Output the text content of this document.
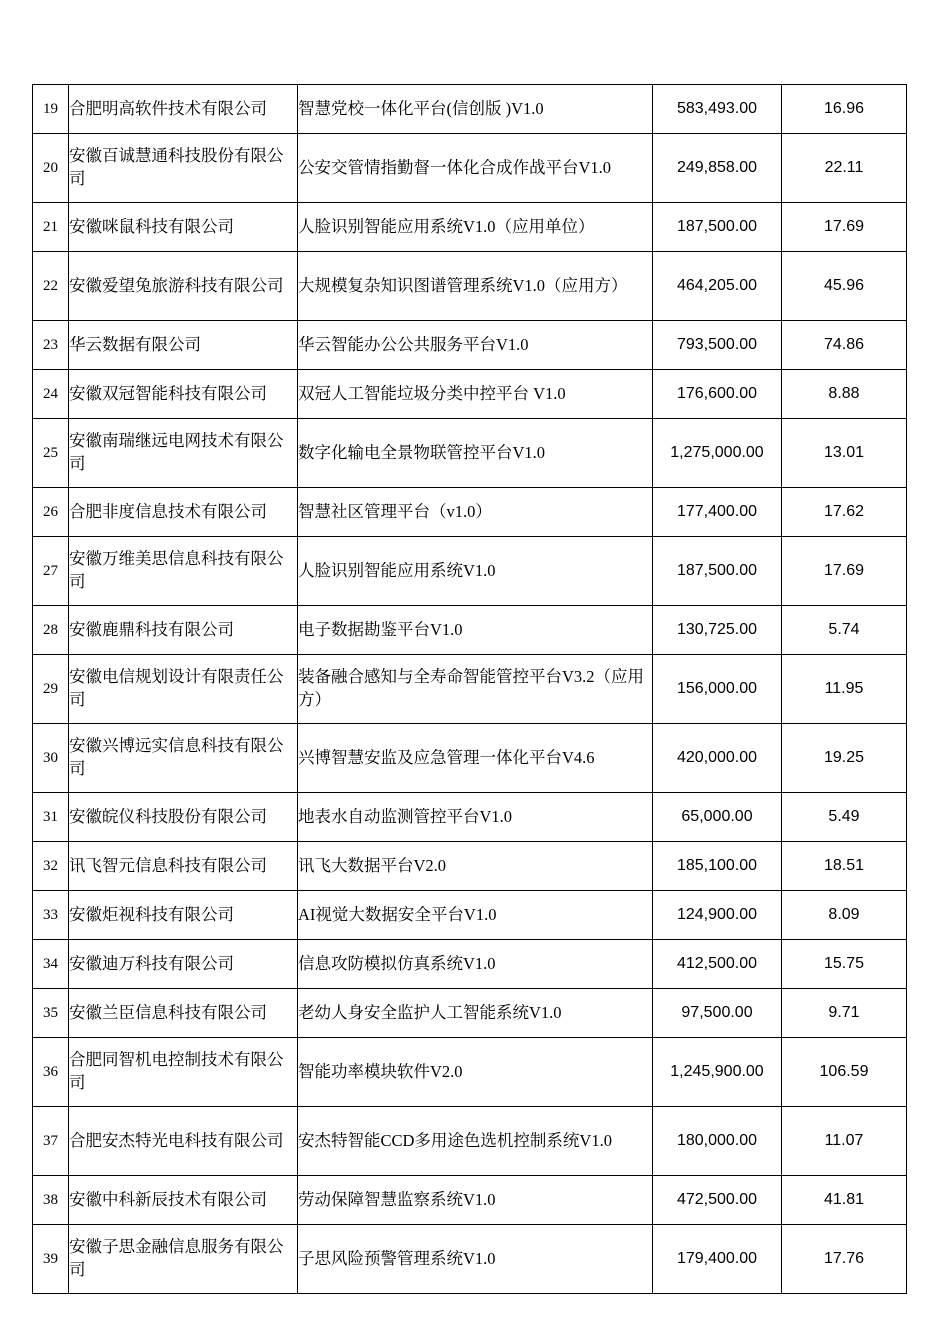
19	合肥明高软件技术有限公司	智慧党校一体化平台(信创版 )V1.0	583,493.00	16.96
20	安徽百诚慧通科技股份有限公司	公安交管情指勤督一体化合成作战平台V1.0	249,858.00	22.11
21	安徽咪鼠科技有限公司	人脸识别智能应用系统V1.0（应用单位）	187,500.00	17.69
22	安徽爱望兔旅游科技有限公司	大规模复杂知识图谱管理系统V1.0（应用方）	464,205.00	45.96
23	华云数据有限公司	华云智能办公公共服务平台V1.0	793,500.00	74.86
24	安徽双冠智能科技有限公司	双冠人工智能垃圾分类中控平台 V1.0	176,600.00	8.88
25	安徽南瑞继远电网技术有限公司	数字化输电全景物联管控平台V1.0	1,275,000.00	13.01
26	合肥非度信息技术有限公司	智慧社区管理平台（v1.0）	177,400.00	17.62
27	安徽万维美思信息科技有限公司	人脸识别智能应用系统V1.0	187,500.00	17.69
28	安徽鹿鼎科技有限公司	电子数据勘鉴平台V1.0	130,725.00	5.74
29	安徽电信规划设计有限责任公司	装备融合感知与全寿命智能管控平台V3.2（应用方）	156,000.00	11.95
30	安徽兴博远实信息科技有限公司	兴博智慧安监及应急管理一体化平台V4.6	420,000.00	19.25
31	安徽皖仪科技股份有限公司	地表水自动监测管控平台V1.0	65,000.00	5.49
32	讯飞智元信息科技有限公司	讯飞大数据平台V2.0	185,100.00	18.51
33	安徽炬视科技有限公司	AI视觉大数据安全平台V1.0	124,900.00	8.09
34	安徽迪万科技有限公司	信息攻防模拟仿真系统V1.0	412,500.00	15.75
35	安徽兰臣信息科技有限公司	老幼人身安全监护人工智能系统V1.0	97,500.00	9.71
36	合肥同智机电控制技术有限公司	智能功率模块软件V2.0	1,245,900.00	106.59
37	合肥安杰特光电科技有限公司	安杰特智能CCD多用途色选机控制系统V1.0	180,000.00	11.07
38	安徽中科新辰技术有限公司	劳动保障智慧监察系统V1.0	472,500.00	41.81
39	安徽子思金融信息服务有限公司	子思风险预警管理系统V1.0	179,400.00	17.76
